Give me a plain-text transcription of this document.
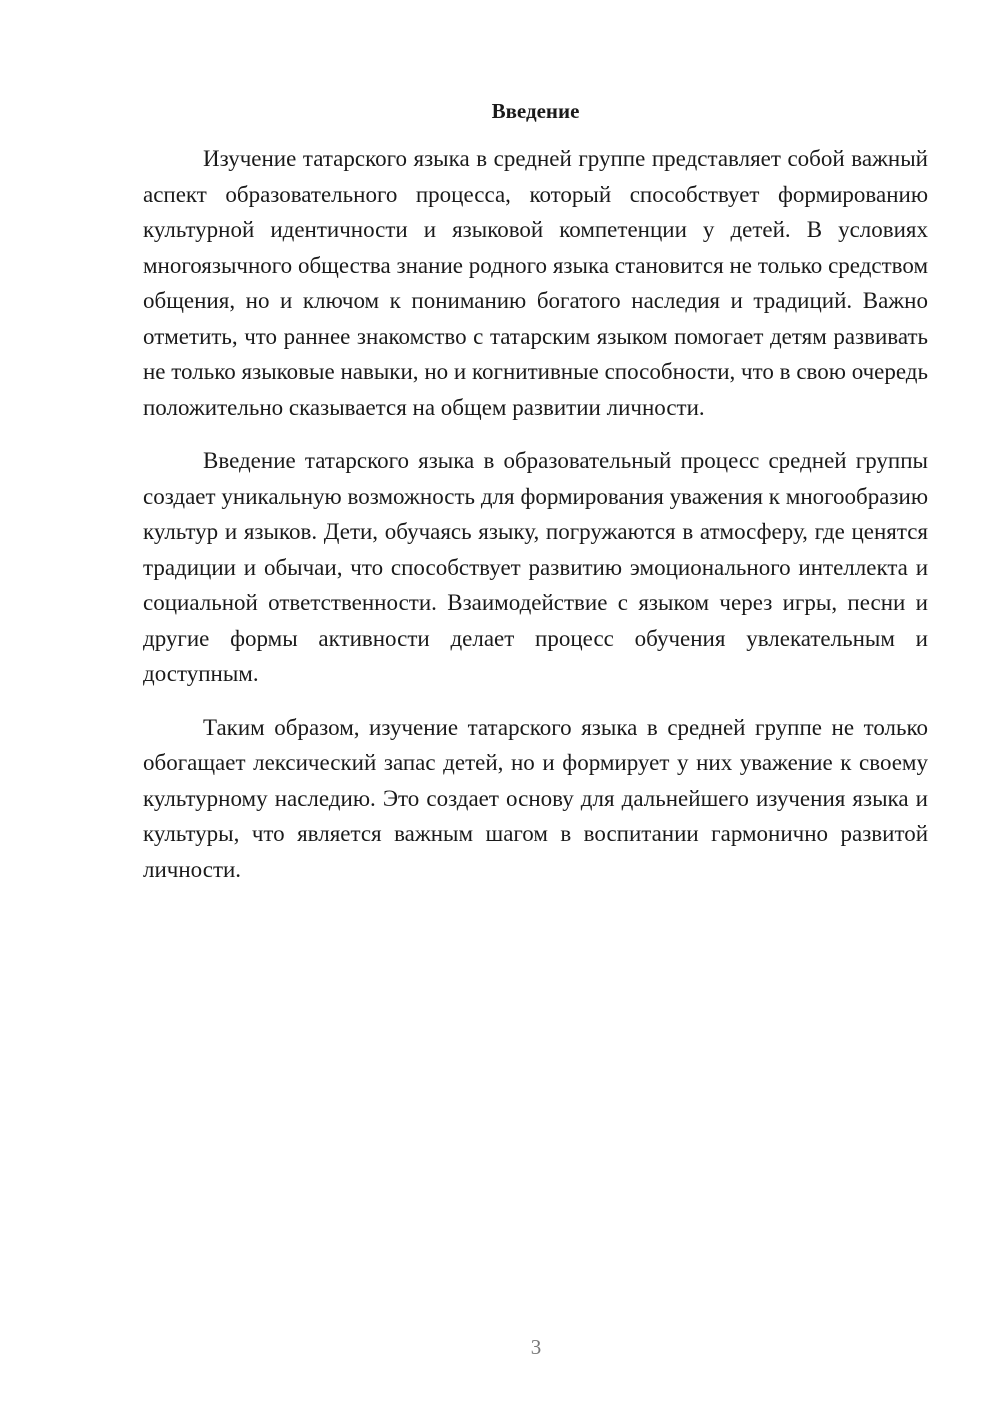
Введение

Изучение татарского языка в средней группе представляет собой важный аспект образовательного процесса, который способствует формированию культурной идентичности и языковой компетенции у детей. В условиях многоязычного общества знание родного языка становится не только средством общения, но и ключом к пониманию богатого наследия и традиций. Важно отметить, что раннее знакомство с татарским языком помогает детям развивать не только языковые навыки, но и когнитивные способности, что в свою очередь положительно сказывается на общем развитии личности.

Введение татарского языка в образовательный процесс средней группы создает уникальную возможность для формирования уважения к многообразию культур и языков. Дети, обучаясь языку, погружаются в атмосферу, где ценятся традиции и обычаи, что способствует развитию эмоционального интеллекта и социальной ответственности. Взаимодействие с языком через игры, песни и другие формы активности делает процесс обучения увлекательным и доступным.

Таким образом, изучение татарского языка в средней группе не только обогащает лексический запас детей, но и формирует у них уважение к своему культурному наследию. Это создает основу для дальнейшего изучения языка и культуры, что является важным шагом в воспитании гармонично развитой личности.

3
